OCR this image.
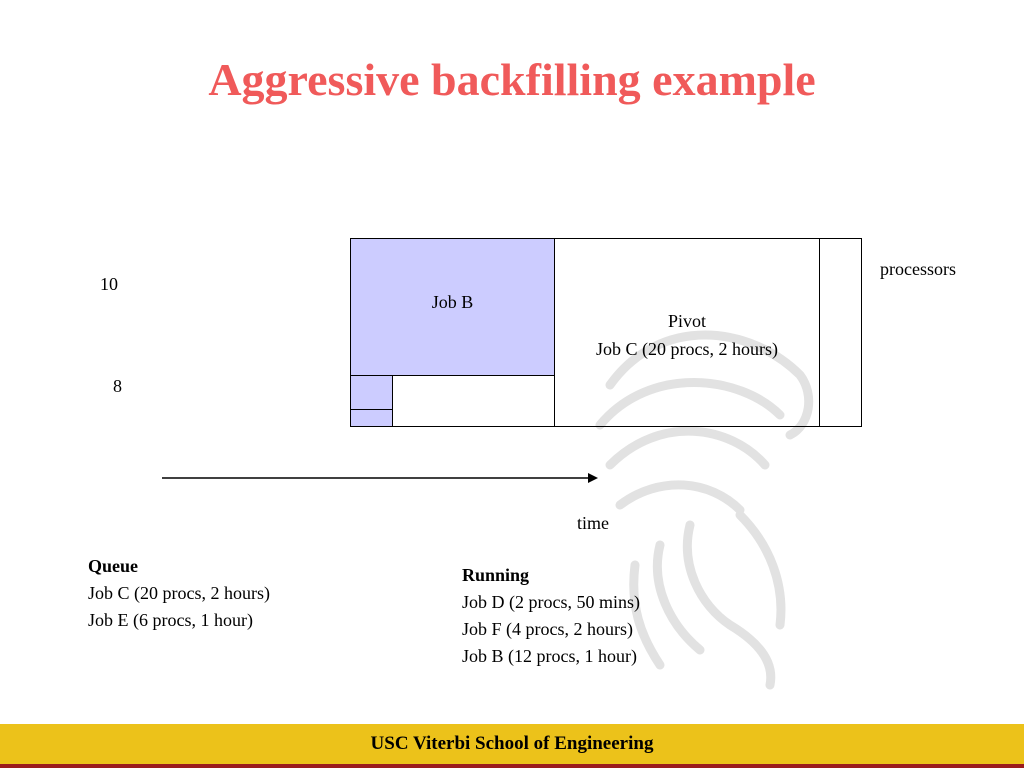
Aggressive backfilling example
10
8
processors
Job B
Pivot
Job C (20 procs, 2 hours)
time
Queue
Job C (20 procs, 2 hours)
Job E (6 procs, 1 hour)
Running
Job D (2 procs, 50 mins)
Job F (4 procs, 2 hours)
Job B (12 procs, 1 hour)
USC Viterbi School of Engineering
